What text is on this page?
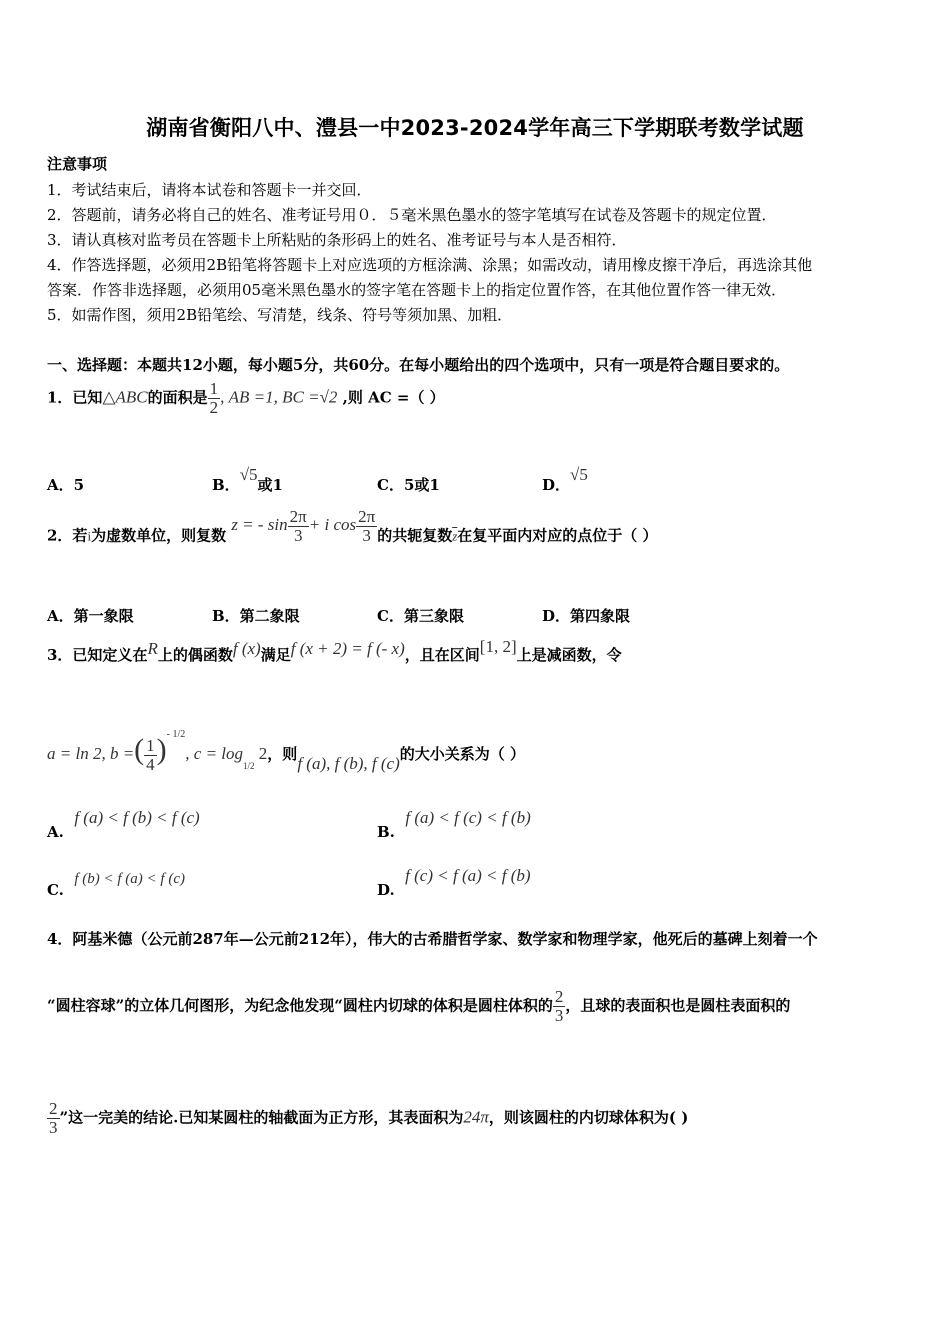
湖南省衡阳八中、澧县一中2023-2024学年高三下学期联考数学试题
注意事项
1．考试结束后，请将本试卷和答题卡一并交回．
2．答题前，请务必将自己的姓名、准考证号用０．５毫米黑色墨水的签字笔填写在试卷及答题卡的规定位置．
3．请认真核对监考员在答题卡上所粘贴的条形码上的姓名、准考证号与本人是否相符．
4．作答选择题，必须用2B铅笔将答题卡上对应选项的方框涂满、涂黑；如需改动，请用橡皮擦干净后，再选涂其他
答案．作答非选择题，必须用05毫米黑色墨水的签字笔在答题卡上的指定位置作答，在其他位置作答一律无效．
5．如需作图，须用2B铅笔绘、写清楚，线条、符号等须加黑、加粗．
一、选择题：本题共12小题，每小题5分，共60分。在每小题给出的四个选项中，只有一项是符合题目要求的。
1．已知△ABC的面积是 $\frac{1}{2}$ , AB =1, BC =√2 ,则 AC =（ ）
A．5	B．√5或1	C．5或1	D．√5
2．若i为虚数单位，则复数 z = - $\sin \frac{2\pi}{3} + i$ $\cos \frac{2\pi}{3}$ 的共轭复数$\overline{z}$在复平面内对应的点位于（ ）
A．第一象限	B．第二象限	C．第三象限	D．第四象限
3．已知定义在R上的偶函数f (x)满足f (x + 2) = f (- x)，且在区间[1, 2]上是减函数，令
a = ln 2, b =( $\frac{1}{4} )^{- 1/2}$, $c = \log_{1/2} 2$，则f (a), f (b), f (c)的大小关系为（ ）
A.  f (a) < f (b) < f (c)
B.  f (a) < f (c) < f (b)
C.  f (b) < f (a) < f (c)
D.  f (c) < f (a) < f (b)
4．阿基米德（公元前287年—公元前212年），伟大的古希腊哲学家、数学家和物理学家，他死后的墓碑上刻着一个
“圆柱容球”的立体几何图形，为纪念他发现“圆柱内切球的体积是圆柱体积的 $\frac{2}{3}$ ，且球的表面积也是圆柱表面积的
$\frac{2}{3}$ ”这一完美的结论.已知某圆柱的轴截面为正方形，其表面积为24π，则该圆柱的内切球体积为( )
